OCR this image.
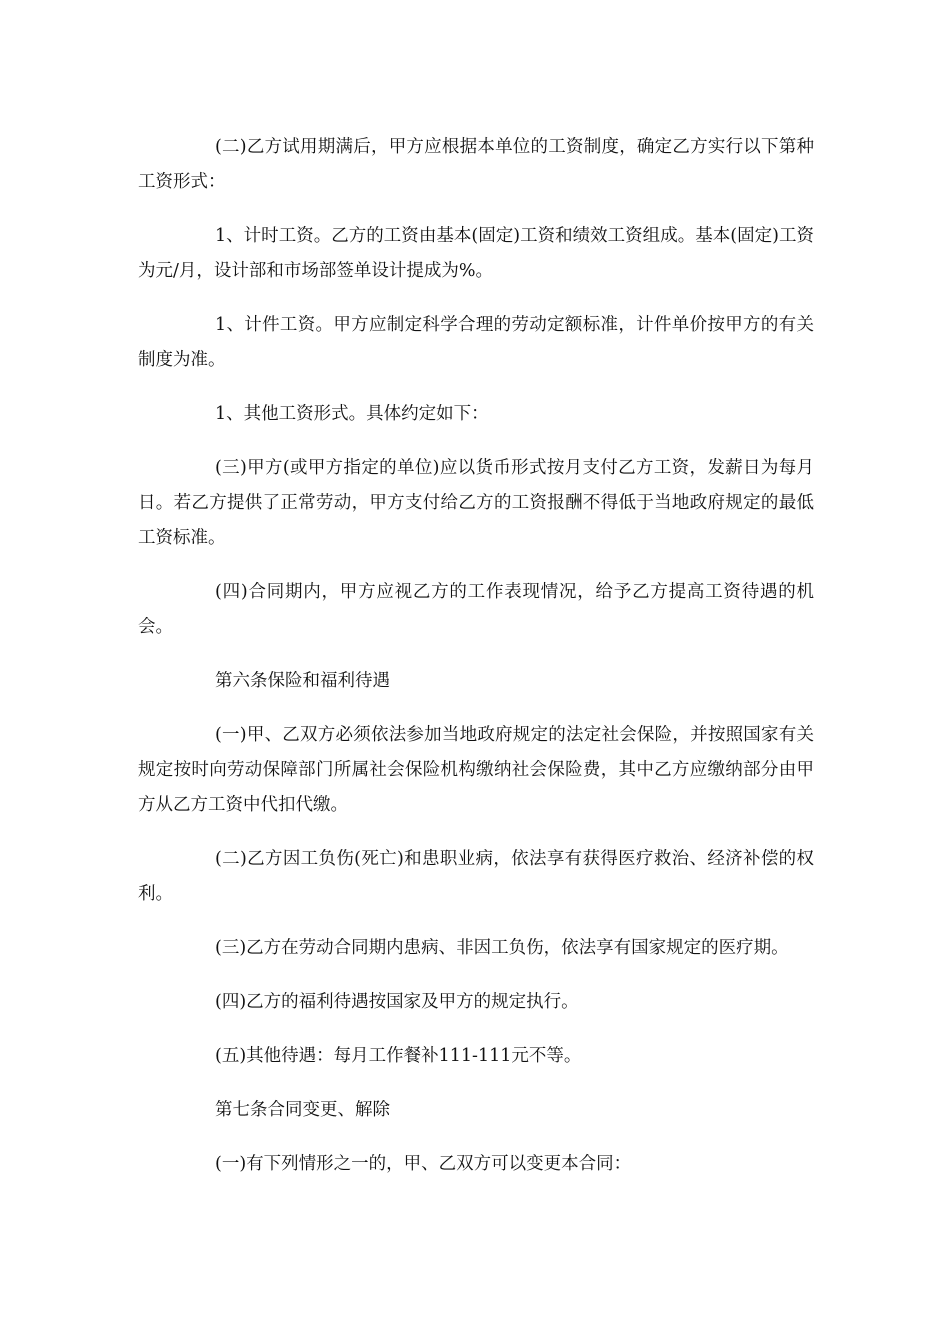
(二)乙方试用期满后，甲方应根据本单位的工资制度，确定乙方实行以下第种工资形式：

1、计时工资。乙方的工资由基本(固定)工资和绩效工资组成。基本(固定)工资为元/月，设计部和市场部签单设计提成为%。

1、计件工资。甲方应制定科学合理的劳动定额标准，计件单价按甲方的有关制度为准。

1、其他工资形式。具体约定如下：

(三)甲方(或甲方指定的单位)应以货币形式按月支付乙方工资，发薪日为每月日。若乙方提供了正常劳动，甲方支付给乙方的工资报酬不得低于当地政府规定的最低工资标准。

(四)合同期内，甲方应视乙方的工作表现情况，给予乙方提高工资待遇的机会。

第六条保险和福利待遇

(一)甲、乙双方必须依法参加当地政府规定的法定社会保险，并按照国家有关规定按时向劳动保障部门所属社会保险机构缴纳社会保险费，其中乙方应缴纳部分由甲方从乙方工资中代扣代缴。

(二)乙方因工负伤(死亡)和患职业病，依法享有获得医疗救治、经济补偿的权利。

(三)乙方在劳动合同期内患病、非因工负伤，依法享有国家规定的医疗期。

(四)乙方的福利待遇按国家及甲方的规定执行。

(五)其他待遇：每月工作餐补111-111元不等。

第七条合同变更、解除

(一)有下列情形之一的，甲、乙双方可以变更本合同：
